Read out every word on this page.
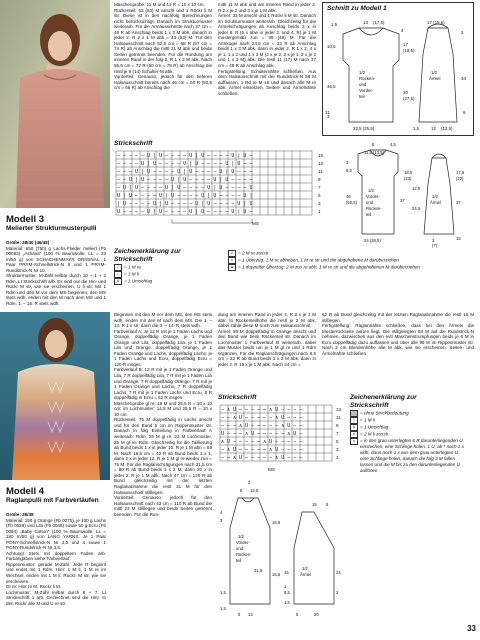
Modell 3
Melierter Strukturmusterpulli

Größe: 38/40 (46/48)

Material: 650 (750) g Lachs-Flieder meliert (Fb 00083) „Ashana“ (100 % Baumwolle, LL = 33 m/50 g) von SCHACHENMAYR ORIGINAL. 1 Paar PRYM-Schnellstrick-N 6 und 1 PRYM-Rundstrick-N Nr 10.

Strukturmuster: M-Zahl teilbar durch 10 + 1 + 2 Rdm. Lt Strickschrift arb. Es sind nur die Hin- und Rückr M str, wie sie erscheinen, U li str. Mit 1 Rdm und den M vor dem MS beginnen, den MS stets wdh, enden mit den M nach dem MS und 1 Rdm. 1. – 16. R stets wdh.

Maschenprobe: 11 M und 13 R = 10 x 10 cm.

Rückenteil: 53 (63) M anschl und 1 Rückr li M str. Diese ist in den nachfolg Berechnungen nicht berücksichtigt. Danach im Strukturmuster weiterarb. Für die Armausschnitte nach 37 cm = 48 R ab Anschlag beids 1 x 3 M abk, danach in jeder 2. R 2 x 1 M abk = 43 (53) M. Für den Halsausschnitt nach 52,5 cm = 68 R (57 cm = 74 R) ab Anschlag die mittl 21 M abk und beide Seiten getrennt beenden. Für die Rundung am inneren Rand in der folg 2. R 1 x 2 M abk. Nach 55,5 cm = 72 R (60 cm = 78 R) ab Anschlag die restl je 9 (14) Schulter-M abk.

Vorderteil: Genauso, jedoch für den tieferen Halsausschnitt bereits nach 46 cm = 60 R (50,5 cm = 66 R) ab Anschlag die

mittl 11 M abk und am inneren Rand in jeder 2. R 2 x je 2 und 3 x je 1 M abk.

Ärmel: 33 M anschl und 1 Rückr li M str. Danach im Strukturmuster weiterarb. Gleichzeitig für die Ärmelschrägungen ab Anschlag beids 3 x in jeder 8. R (6 x abw in jeder 2. und 4. R) je 1 M mustergemäß zun = 39 (49) M. Für die Armkugel nach 24,5 cm = 32 R ab Anschlag beids 1 x 3 M abk, dann in jeder 2. R 1 x 2, 4 x je 1, 1 x 2 und 1 x 3 M (2 x je 2, 2 x je 1, 2 x je 2 und 1 x 3 M) abk. Die restl 11 (17) M nach 37 cm = 48 R ab Anschlag abk.

Fertigstellung: Schulternähte schließen. Aus dem Halsausschnitt mit der Rundstrick-N 59 M auffassen, 1 Rd re M str und danach alle M re abk. Ärmel einsetzen, Seiten- und Ärmelnähte schließen.

Schnitt zu Modell 1
1,5	13 (17,5)
4
10,5	17
(19,5)
36,5
1/2
Rücken-
und
Vorder-
teil
30
(27,5)
31
22,5 (25,5)
17 (19,5)
2
1/2
Ärmel	34
1,5	12 (13,5)
6
3
Strickschrift
– – – – – U | U – – – – U | U – – – – U | U –
– – – – U | U – – – – U | U – – – – U | U – –
– – – U | U – – – – U | U – – – – U | U – – –
– – U | U – – – – U | U – – – – U | U – – – –
– U | U – – – – U | U – – – – U | U – – – – U
U | U – – – – U | U – – – – U | U – – – – U |
| U – – – – U | U – – – – U | U – – – – U | U
U – – – – U | U – – – – U | U – – – – U | U –
15
13
11
9
7
5
3
1
MS
Zeichenerklärung zur Strickschrift
| = 1 M re
– = 1 M li
U = 1 Umschlag
∨ = 2 M re zusstr
∧ = 1 Überzug: 1 M re abheben, 1 M re str und die abgehobene M darüberziehen
▲ = 1 doppelter Überzug: 2 M zus re abh, 1 M re str und die abgehobenen M darüberziehen
8	4,5
11,5 (13,5)
3
6,5
46
(50,5)
1/2
Vorder-
und
Rücken-
teil
37
18,5
(23)
17,5
(22)
12,5
24,5
1/2
Ärmel	37
24 (28,5)	15
3
(7)
Modell 4
Raglanpulli mit Farbverläufen

Größe: 36/38

Material: 150 g Orange (Fb 0075), je 100 g Lachs (Fb 0028) und Lila (Fb 0046) sowie 50 g Ecru (Fb 0094) „Baby Cotton“ (100 % Baumwolle, LL = 180 m/50 g) von LANG YARNS. Je 1 Paar PONY-Schnellstrick-N Nr 3,5 und 4 sowie 1 PONY-Rundstrick-N Nr 3,5.

Achtung! Stets mit doppeltem Faden arb. Farbangaben siehe Farbverlauf.

Rippenmuster: gerade M-Zahl. Jede R beginnt und endet mit 1 Rdm. Hinr: 1 M li, 1 M re im Wechsel, enden mit 1 M li; Rückr: M str, wie sie erscheinen.

Gl re: Hinr re M, Rückr li M.

Lochmuster: M-Zahl teilbar durch 8 + 7. Lt Strickschrift 1 arb. Gezeichnet sind die Hinr. In den Rückr alle M und U re str.

Beginnen mit den M vor dem MS, den MS stets wdh, enden mit den M nach dem MS. Die 1. – 14. R 1 x str, dann die 3. – 14. R stets wdh.

Farbverlauf A: Je 12 R mit je 1 Faden Lachs und Orange, doppelfädig Orange, je 1 Faden Orange und Lila, doppelfädig Lila, je 1 Faden Lila und Orange, doppelfädig Orange, je 1 Faden Orange und Lachs, doppelfädig Lachs, je 1 Faden Lachs und Ecru, doppelfädig Ecru = 120 R insges.

Farbverlauf B: 12 R mit je 1 Faden Orange und Lila, 7 R doppelfädig Lila, 7 R mit je 1 Faden Lila und Orange, 7 R doppelfädig Orange, 7 R mit je 1 Faden Orange und Lachs, 7 R doppelfädig Lachs, 7 R mit je 1 Faden Lachs und Ecru, 8 R doppelfädig in Ecru = 62 R insges.

Maschenprobe gl re: 18 M und 25,5 R = 10 x 10 cm; im Lochmuster: 14,5 M und 25,5 R = 10 x 10 cm.

Rückenteil: 75 M doppelfädig in Lachs anschl und für den Bund 5 cm im Rippenmuster str. Danach in folg Einteilung in Farbverlauf A weiterarb: Rdm, 25 M gl re, 23 M Lochmuster, 25 M gl re, Rdm. Gleichzeitig für die Taillierung ab Bund beids 1 x in jeder 10. R je 1 M abn = 69 M. Nach 16,5 cm = 42 R ab Bund beids 1 x 1, dann 2 x in jeder 12. R je 1 M gl re wieder zun = 75 M. Für die Raglanschrägungen nach 31,5 cm = 80 R ab Bund beids 1 x 2 M, dann 20 x in jeder 2. R je 1 M abk. Nach 47 cm = 120 R ab Bund gleichzeitig mit der letzten Raglanabnahme die restl 31 M für den Halsausschnitt stilllegen.

Vorderteil: Genauso, jedoch für den Halsausschnitt nach 43 cm = 110 R ab Bund die mittl 23 M stilllegen und beide Seiten getrennt beenden. Für die Run-

dung am inneren Rand in jeder 4. R 2 x je 1 M abk. In Rückenteilhöhe die restl je 2 M abk, dabei zähle diese M noch zum Halsausschnitt.

Ärmel: 59 M doppelfädig in Orange anschl und den Bund wie beim Rückenteil str. Danach im Lochmuster 1 Farbverlauf B weiterarb, dabei das Muster beids um je 1 M gl re und 1 Rdm ergänzen. Für die Raglanschrägungen nach 8,5 cm = 22 R ab Bund beids 1 x 2 M abk, dann in jeder 2. R 19 x je 1 M abk. Nach 24 cm =

62 R ab Bund gleichzeitig mit der letzten Raglanabnahme die restl 15 M stilllegen.

Fertigstellung: Raglannähte schließen, dass bei den Ärmeln die Musterrückseite außen liegt. Die stillgelegten 84 M auf die Rundstrick-N nehmen, dazwischen aus den evtl Maschenstrumpfungen beids je 6 M in Ecru doppelfädig dazu auffassen und über alle 96 M im Rippenmuster str. Nach 2 cm Blendenhöhe alle M abk, wie sie erscheinen. Seiten- und Ärmelnähte schließen.

Strickschrift
– ∧ U – – – – – ∧ U – – – –
– – ∧ U – – – – – ∧ U – – –
– – – ∧ U – – – – – ∧ U – –
U – – – ∧ U – – – – – ∧ U –
∧ U – – – – – ∧ U – – – – –
– ∧ U – – – – – ∧ U – – – –
– – ∧ U – – – – – ∧ U – – –
13
11
9
7
5
3
1
MS
Zeichenerklärung zur Strickschrift
= ohne Strickbedeutung
| = 1 M li
U = 1 Umschlag
∧ = 2 M li zusstr
∧	= in den grau unterlegten 6 R darunterliegenden U einstechen, eine Schlinge holen, 1 U, ab * noch 1 x wdh, dann noch 1 x aus dem grau unterlegten U eine Schlinge holen, danach die folg 3 M fallen lassen und die M bis zu den darunterliegenden U auflösen
2
8 12,5
4
3
1/2
Vorder-
und
Rücken-
teil
15,5
31,5
15,5
1,5
15 5
8 13
1,5
15
1
24
1/2
Ärmel
8,5
1,5
5	20
2
33
